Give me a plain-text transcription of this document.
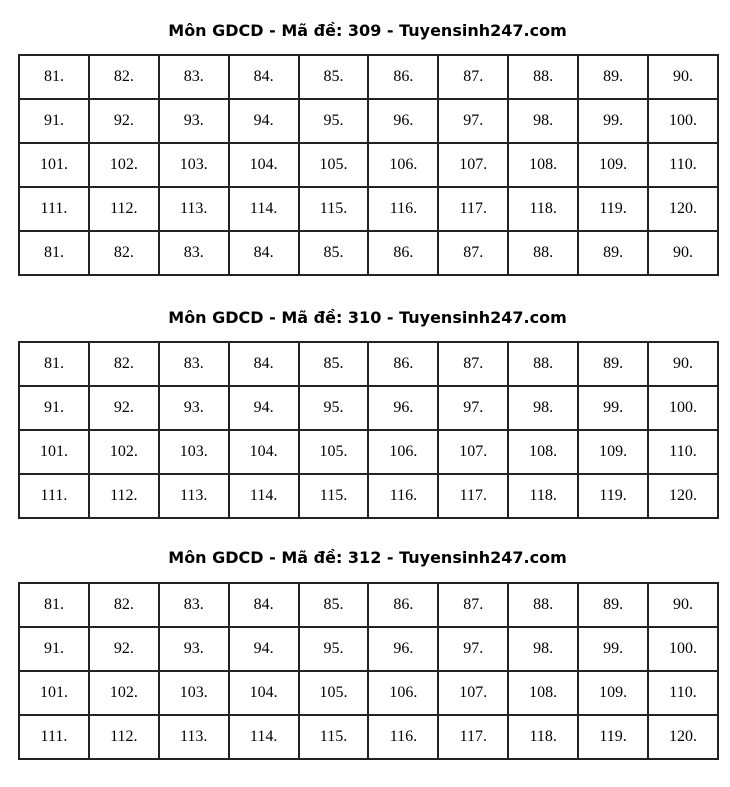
Môn GDCD - Mã đề: 309 - Tuyensinh247.com
81.	82.	83.	84.	85.	86.	87.	88.	89.	90.
91.	92.	93.	94.	95.	96.	97.	98.	99.	100.
101.	102.	103.	104.	105.	106.	107.	108.	109.	110.
111.	112.	113.	114.	115.	116.	117.	118.	119.	120.
81.	82.	83.	84.	85.	86.	87.	88.	89.	90.
Môn GDCD - Mã đề: 310 - Tuyensinh247.com
81.	82.	83.	84.	85.	86.	87.	88.	89.	90.
91.	92.	93.	94.	95.	96.	97.	98.	99.	100.
101.	102.	103.	104.	105.	106.	107.	108.	109.	110.
111.	112.	113.	114.	115.	116.	117.	118.	119.	120.
Môn GDCD - Mã đề: 312 - Tuyensinh247.com
81.	82.	83.	84.	85.	86.	87.	88.	89.	90.
91.	92.	93.	94.	95.	96.	97.	98.	99.	100.
101.	102.	103.	104.	105.	106.	107.	108.	109.	110.
111.	112.	113.	114.	115.	116.	117.	118.	119.	120.
